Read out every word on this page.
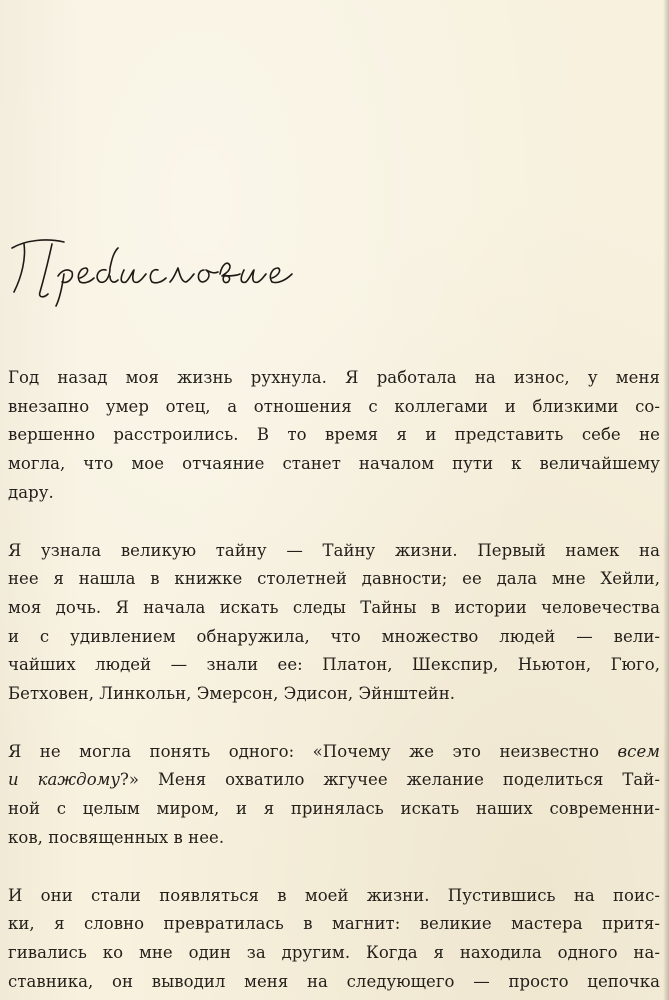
Год назад моя жизнь рухнула. Я работала на износ, у меня
внезапно умер отец, а отношения с коллегами и близкими со-
вершенно расстроились. В то время я и представить себе не
могла, что мое отчаяние станет началом пути к величайшему
дару.

Я узнала великую тайну — Тайну жизни. Первый намек на
нее я нашла в книжке столетней давности; ее дала мне Хейли,
моя дочь. Я начала искать следы Тайны в истории человечества
и с удивлением обнаружила, что множество людей — вели-
чайших людей — знали ее: Платон, Шекспир, Ньютон, Гюго,
Бетховен, Линкольн, Эмерсон, Эдисон, Эйнштейн.

Я не могла понять одного: «Почему же это неизвестно всем
и каждому?» Меня охватило жгучее желание поделиться Тай-
ной с целым миром, и я принялась искать наших современни-
ков, посвященных в нее.

И они стали появляться в моей жизни. Пустившись на поис-
ки, я словно превратилась в магнит: великие мастера притя-
гивались ко мне один за другим. Когда я находила одного на-
ставника, он выводил меня на следующего — просто цепочка
